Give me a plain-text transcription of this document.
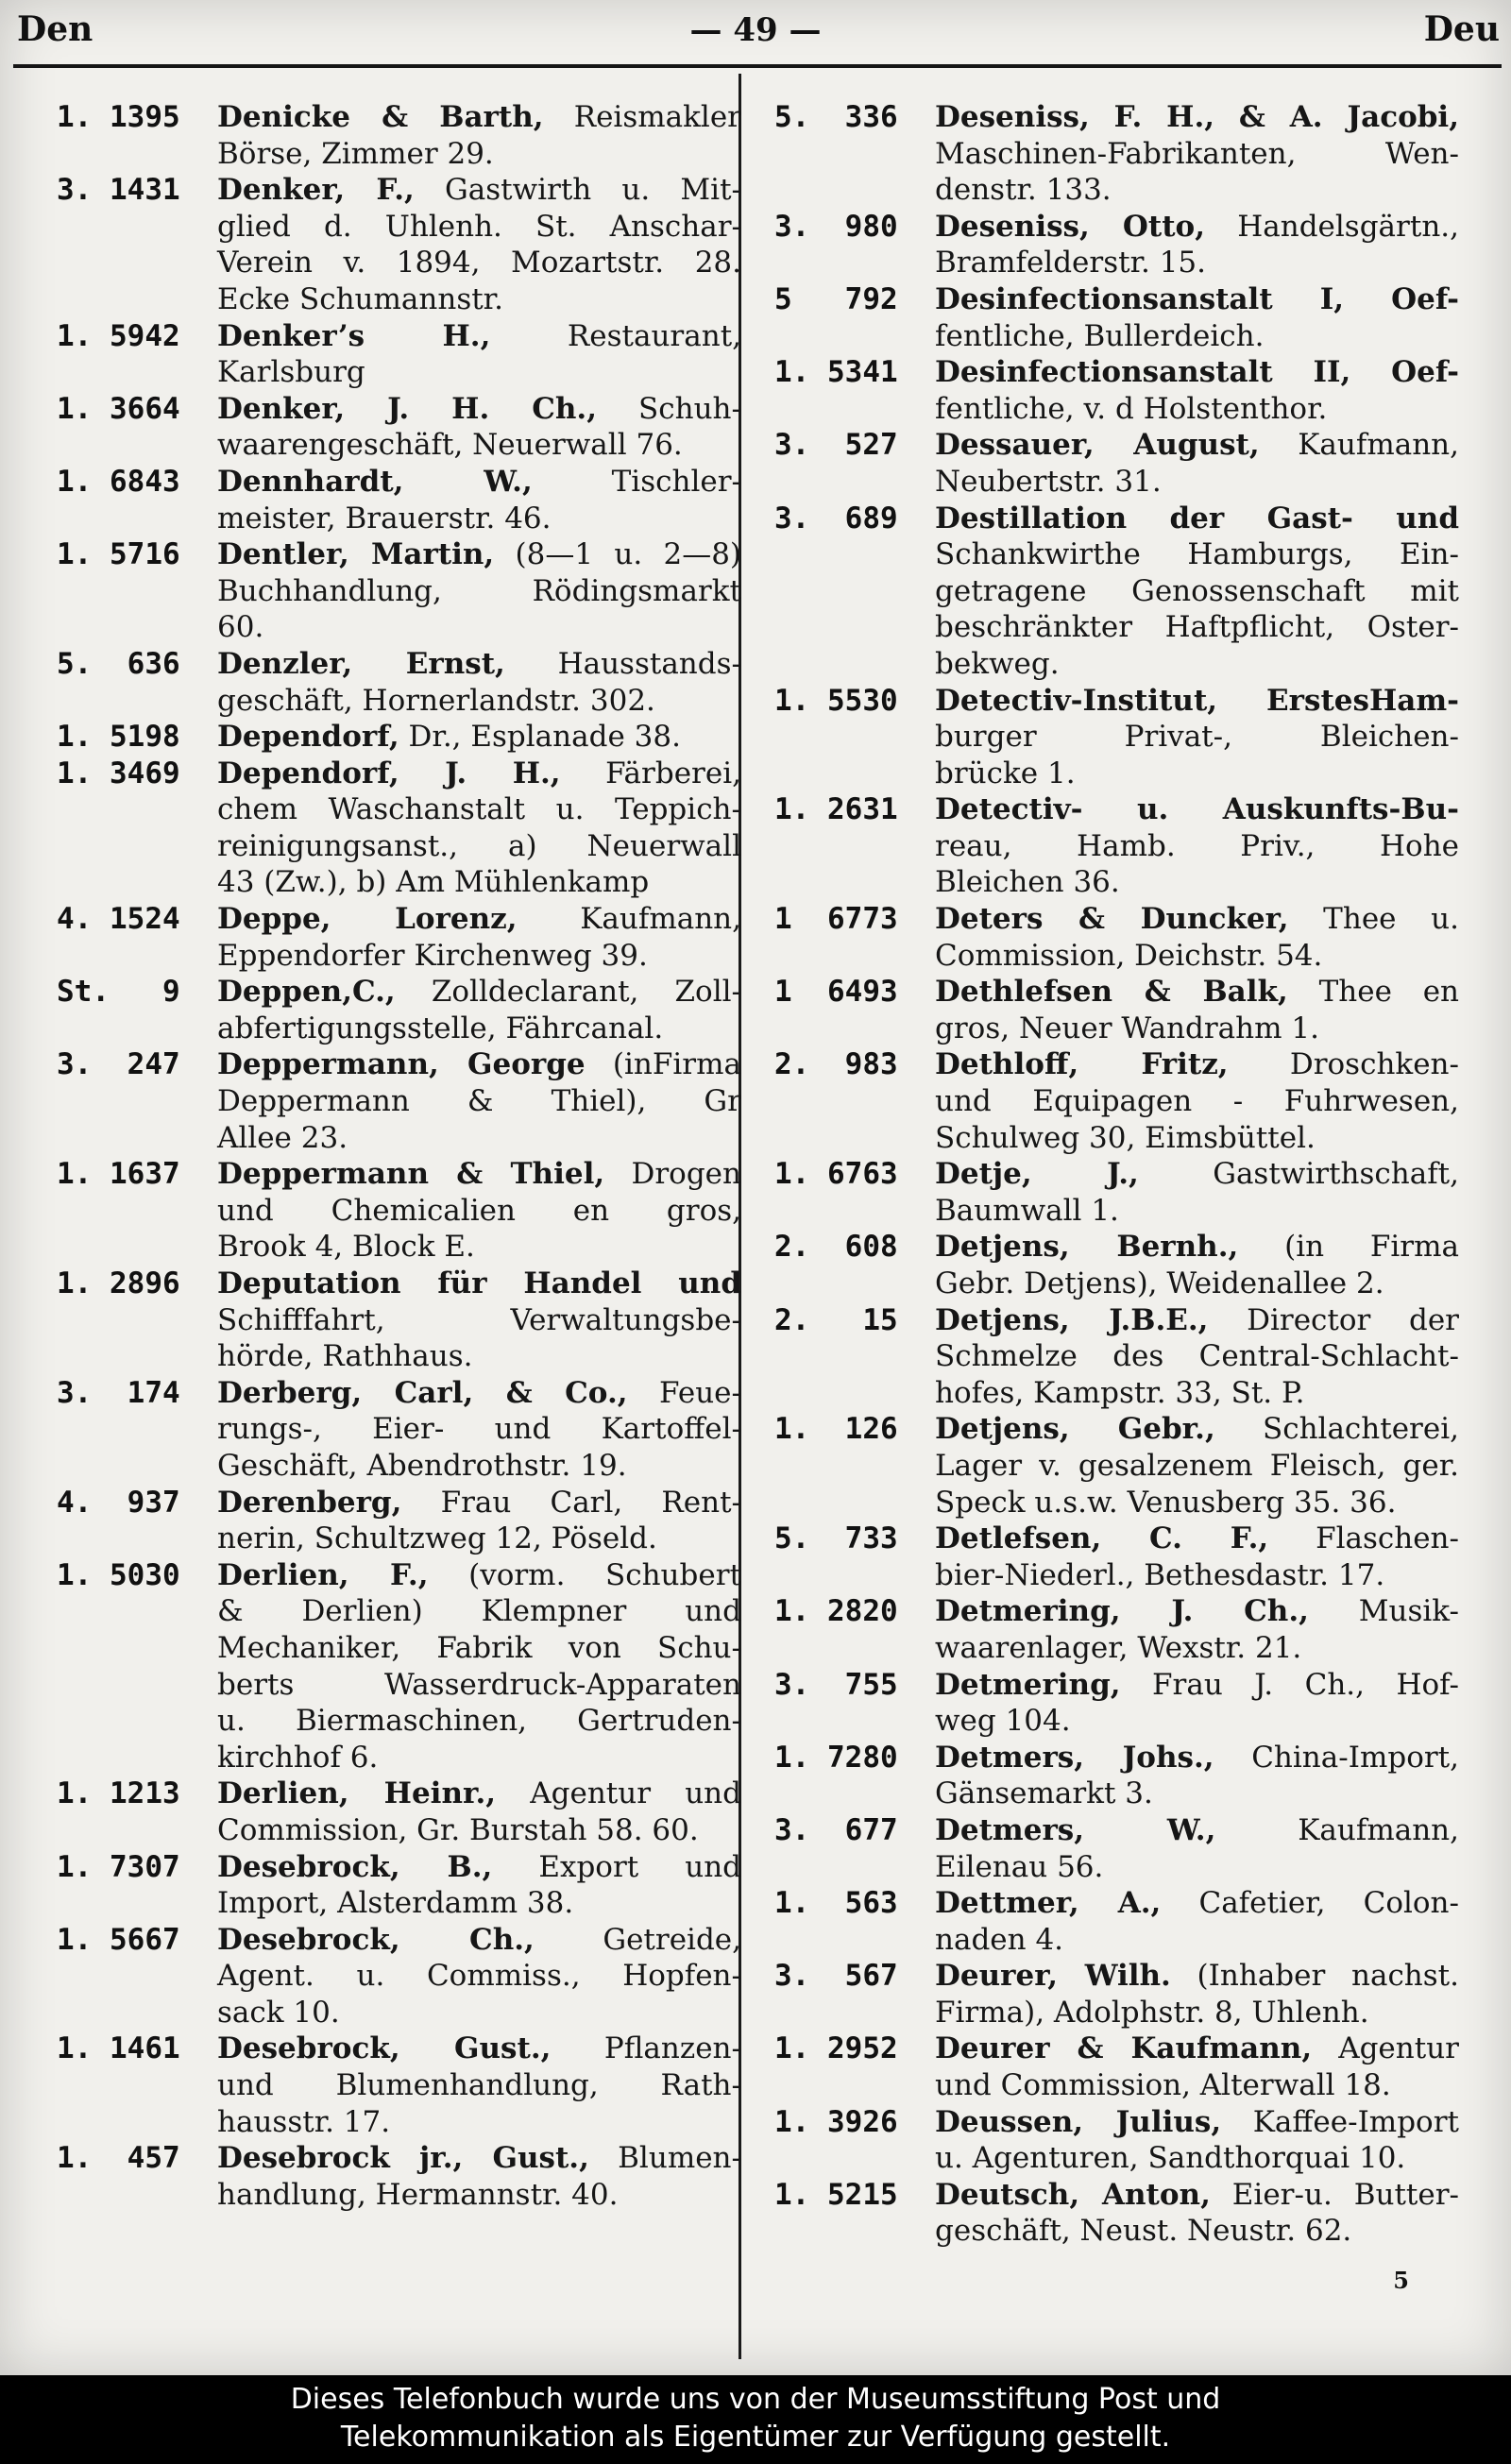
Den	— 49 —	Deu
1. 1395	Denicke & Barth, Reismakler
Börse, Zimmer 29.
3. 1431	Denker, F., Gastwirth u. Mit-
glied d. Uhlenh. St. Anschar-
Verein v. 1894, Mozartstr. 28.
Ecke Schumannstr.
1. 5942	Denker’s H.,	Restaurant,
Karlsburg
1. 3664	Denker, J. H. Ch., Schuh-
waarengeschäft, Neuerwall 76.
1. 6843	Dennhardt, W.,	Tischler-
meister, Brauerstr. 46.
1. 5716	Dentler, Martin, (8—1 u. 2—8)
Buchhandlung, Rödingsmarkt
60.
5.  636	Denzler, Ernst, Hausstands-
geschäft, Hornerlandstr. 302.
1. 5198	Dependorf, Dr., Esplanade 38.
1. 3469	Dependorf, J. H., Färberei,
chem Waschanstalt u. Teppich-
reinigungsanst., a) Neuerwall
43 (Zw.), b) Am Mühlenkamp
4. 1524	Deppe, Lorenz, Kaufmann,
Eppendorfer Kirchenweg 39.
St.   9	Deppen,C., Zolldeclarant, Zoll-
abfertigungsstelle, Fährcanal.
3.  247	Deppermann, George (inFirma
Deppermann & Thiel), Gr
Allee 23.
1. 1637	Deppermann & Thiel, Drogen
und Chemicalien en gros,
Brook 4, Block E.
1. 2896	Deputation für Handel und
Schifffahrt, Verwaltungsbe-
hörde, Rathhaus.
3.  174	Derberg, Carl, & Co., Feue-
rungs-, Eier- und Kartoffel-
Geschäft, Abendrothstr. 19.
4.  937	Derenberg, Frau Carl, Rent-
nerin, Schultzweg 12, Pöseld.
1. 5030	Derlien, F., (vorm. Schubert
& Derlien) Klempner und
Mechaniker, Fabrik von Schu-
berts Wasserdruck-Apparaten
u. Biermaschinen, Gertruden-
kirchhof 6.
1. 1213	Derlien, Heinr., Agentur und
Commission, Gr. Burstah 58. 60.
1. 7307	Desebrock, B., Export und
Import, Alsterdamm 38.
1. 5667	Desebrock, Ch., Getreide,
Agent. u. Commiss., Hopfen-
sack 10.
1. 1461	Desebrock, Gust., Pflanzen-
und Blumenhandlung, Rath-
hausstr. 17.
1.  457	Desebrock jr., Gust., Blumen-
handlung, Hermannstr. 40.
5.  336	Deseniss, F. H., & A. Jacobi,
Maschinen-Fabrikanten, Wen-
denstr. 133.
3.  980	Deseniss, Otto, Handelsgärtn.,
Bramfelderstr. 15.
5   792	Desinfectionsanstalt I, Oef-
fentliche, Bullerdeich.
1. 5341	Desinfectionsanstalt II, Oef-
fentliche, v. d Holstenthor.
3.  527	Dessauer, August, Kaufmann,
Neubertstr. 31.
3.  689	Destillation der Gast- und
Schankwirthe Hamburgs, Ein-
getragene Genossenschaft mit
beschränkter Haftpflicht, Oster-
bekweg.
1. 5530	Detectiv-Institut, ErstesHam-
burger Privat-, Bleichen-
brücke 1.
1. 2631	Detectiv- u. Auskunfts-Bu-
reau, Hamb. Priv., Hohe
Bleichen 36.
1  6773	Deters & Duncker, Thee u.
Commission, Deichstr. 54.
1  6493	Dethlefsen & Balk, Thee en
gros, Neuer Wandrahm 1.
2.  983	Dethloff, Fritz, Droschken-
und Equipagen - Fuhrwesen,
Schulweg 30, Eimsbüttel.
1. 6763	Detje, J.,	Gastwirthschaft,
Baumwall 1.
2.  608	Detjens, Bernh., (in Firma
Gebr. Detjens), Weidenallee 2.
2.   15	Detjens, J.B.E., Director der
Schmelze des Central-Schlacht-
hofes, Kampstr. 33, St. P.
1.  126	Detjens, Gebr., Schlachterei,
Lager v. gesalzenem Fleisch, ger.
Speck u.s.w. Venusberg 35. 36.
5.  733	Detlefsen, C. F., Flaschen-
bier-Niederl., Bethesdastr. 17.
1. 2820	Detmering, J. Ch., Musik-
waarenlager, Wexstr. 21.
3.  755	Detmering, Frau J. Ch., Hof-
weg 104.
1. 7280	Detmers, Johs., China-Import,
Gänsemarkt 3.
3.  677	Detmers, W.,	Kaufmann,
Eilenau 56.
1.  563	Dettmer, A., Cafetier, Colon-
naden 4.
3.  567	Deurer, Wilh. (Inhaber nachst.
Firma), Adolphstr. 8, Uhlenh.
1. 2952	Deurer & Kaufmann, Agentur
und Commission, Alterwall 18.
1. 3926	Deussen, Julius, Kaffee-Import
u. Agenturen, Sandthorquai 10.
1. 5215	Deutsch, Anton, Eier-u. Butter-
geschäft, Neust. Neustr. 62.
5
Dieses Telefonbuch wurde uns von der Museumsstiftung Post und
Telekommunikation als Eigentümer zur Verfügung gestellt.
